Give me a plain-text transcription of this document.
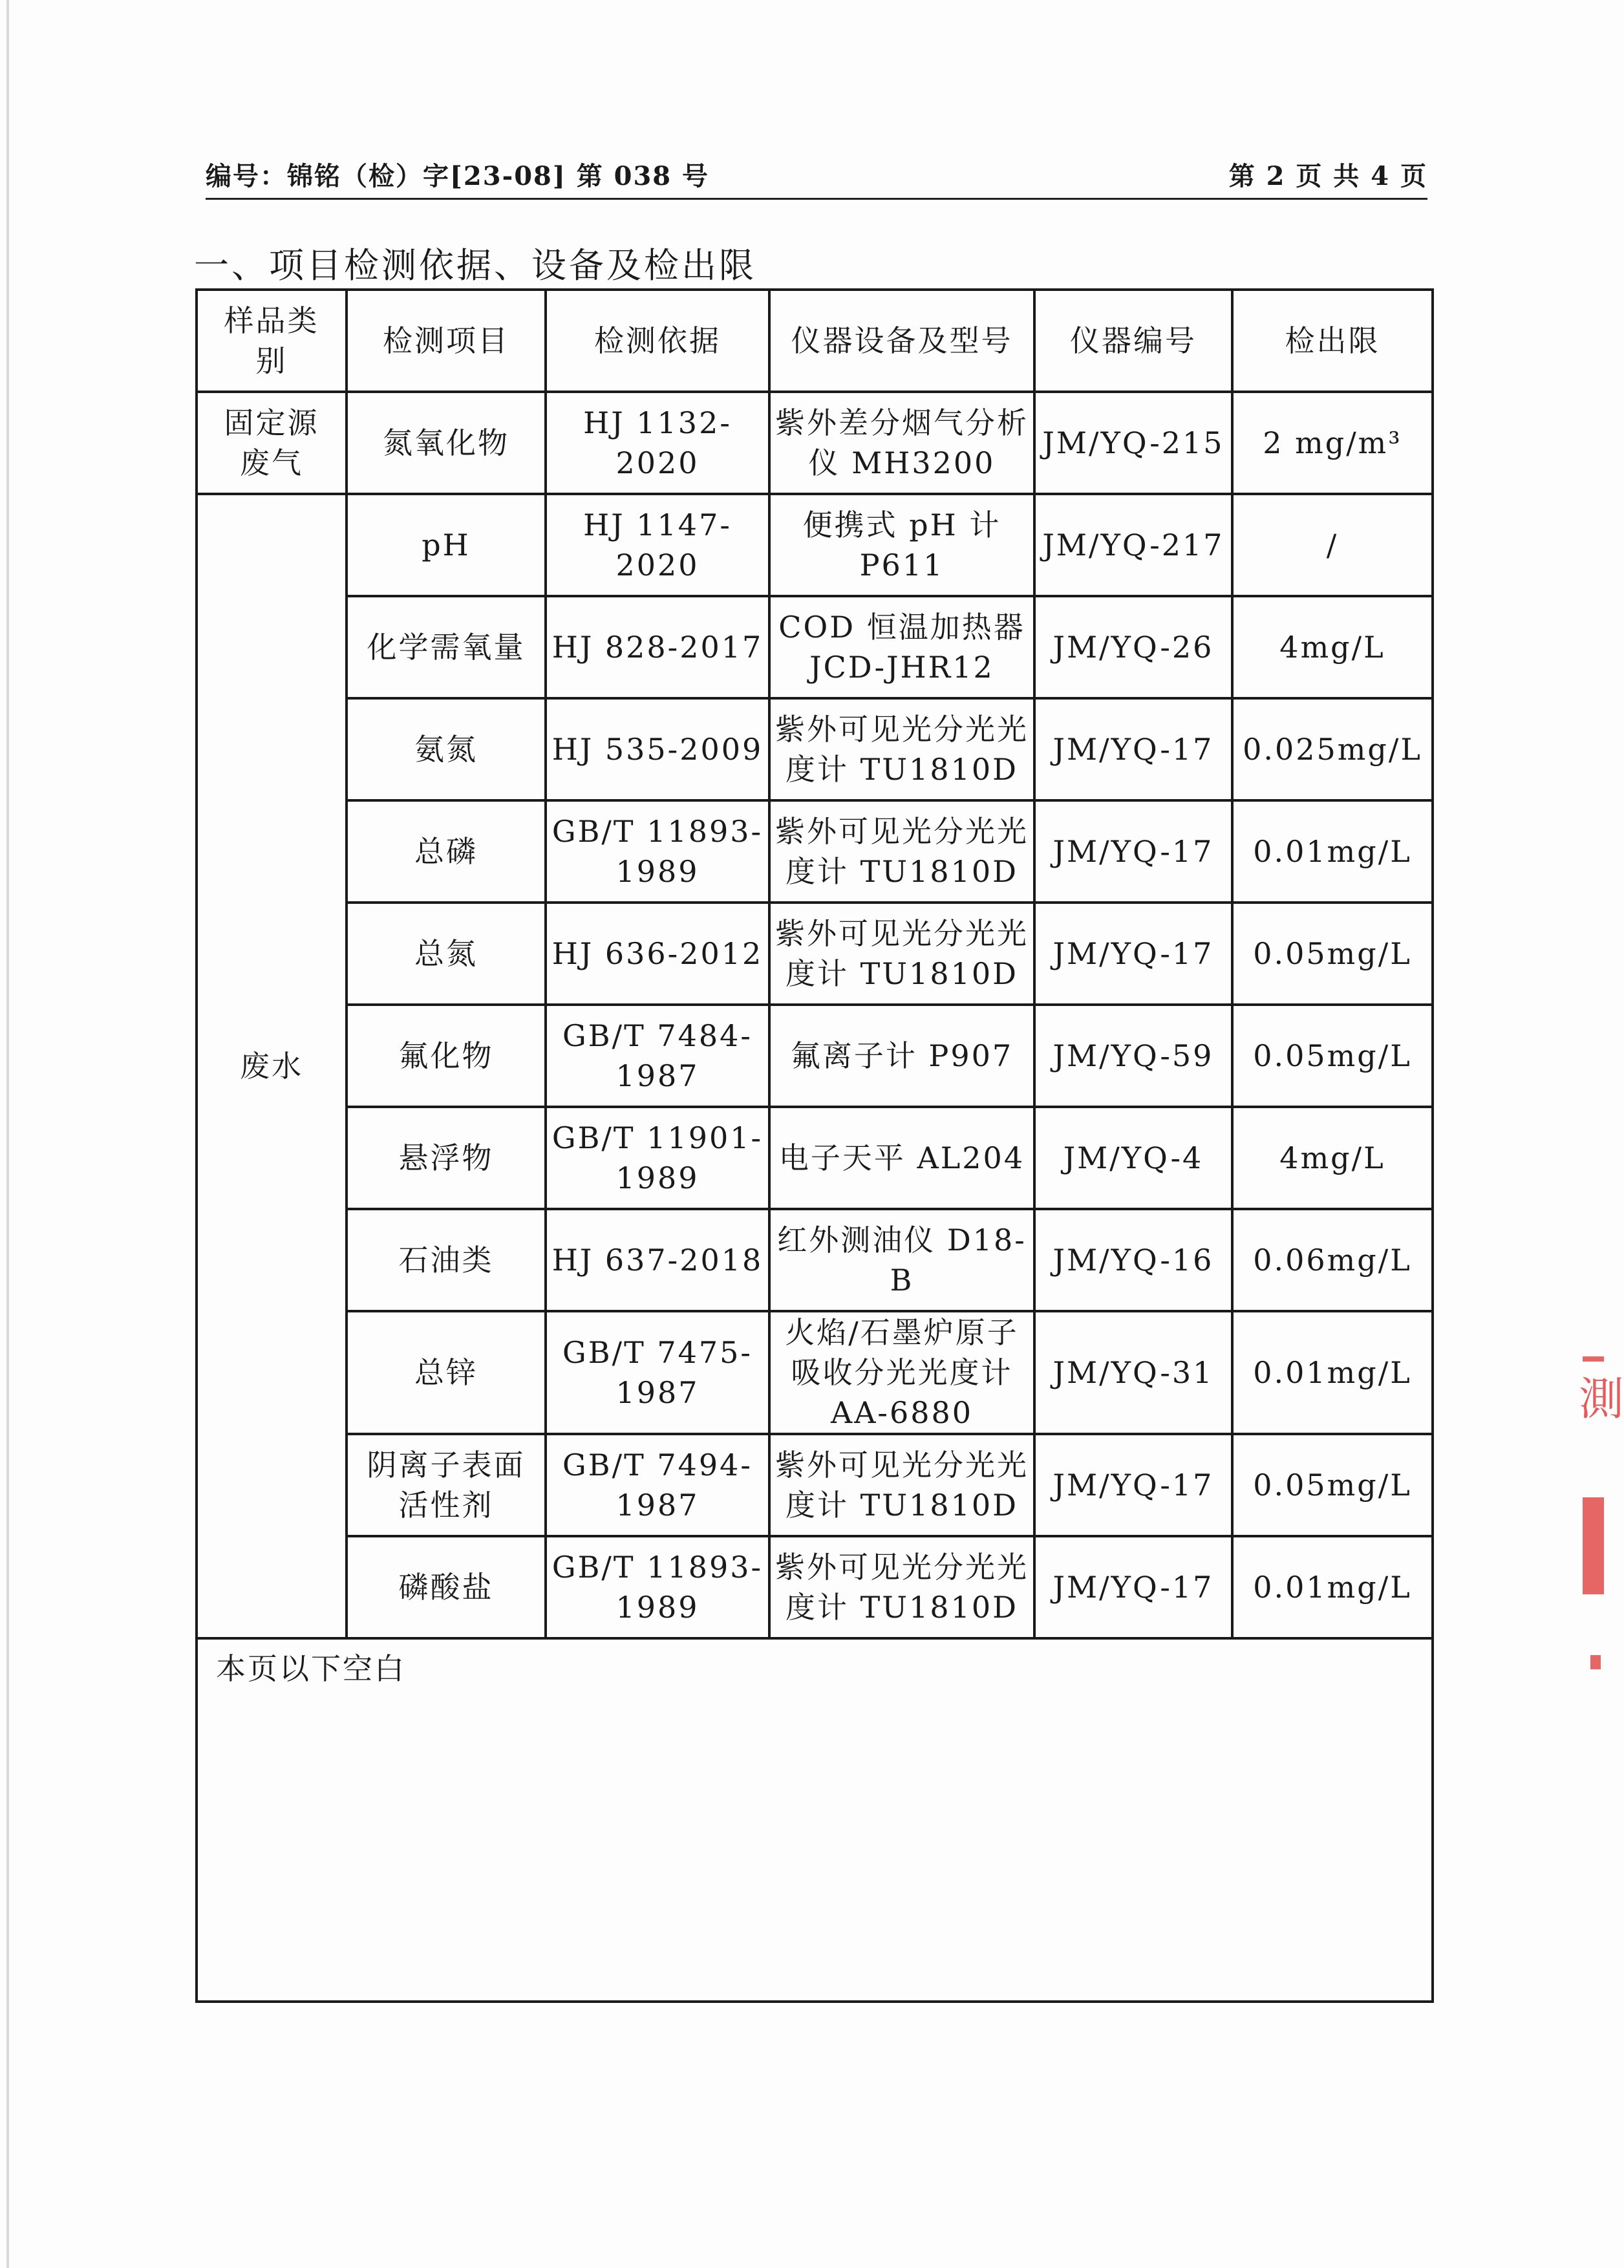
编号：锦铭（检）字[23-08] 第 038 号	第 2 页 共 4 页
一、项目检测依据、设备及检出限
样品类别	检测项目	检测依据	仪器设备及型号	仪器编号	检出限
固定源废气	氮氧化物	HJ 1132-2020	紫外差分烟气分析仪 MH3200	JM/YQ-215	2 mg/m³
废水	pH	HJ 1147-2020	便携式 pH 计 P611	JM/YQ-217	/
	化学需氧量	HJ 828-2017	COD 恒温加热器 JCD-JHR12	JM/YQ-26	4mg/L
	氨氮	HJ 535-2009	紫外可见光分光光度计 TU1810D	JM/YQ-17	0.025mg/L
	总磷	GB/T 11893-1989	紫外可见光分光光度计 TU1810D	JM/YQ-17	0.01mg/L
	总氮	HJ 636-2012	紫外可见光分光光度计 TU1810D	JM/YQ-17	0.05mg/L
	氟化物	GB/T 7484-1987	氟离子计 P907	JM/YQ-59	0.05mg/L
	悬浮物	GB/T 11901-1989	电子天平 AL204	JM/YQ-4	4mg/L
	石油类	HJ 637-2018	红外测油仪 D18-B	JM/YQ-16	0.06mg/L
	总锌	GB/T 7475-1987	火焰/石墨炉原子吸收分光光度计 AA-6880	JM/YQ-31	0.01mg/L
	阴离子表面活性剂	GB/T 7494-1987	紫外可见光分光光度计 TU1810D	JM/YQ-17	0.05mg/L
	磷酸盐	GB/T 11893-1989	紫外可见光分光光度计 TU1810D	JM/YQ-17	0.01mg/L
本页以下空白					
測
